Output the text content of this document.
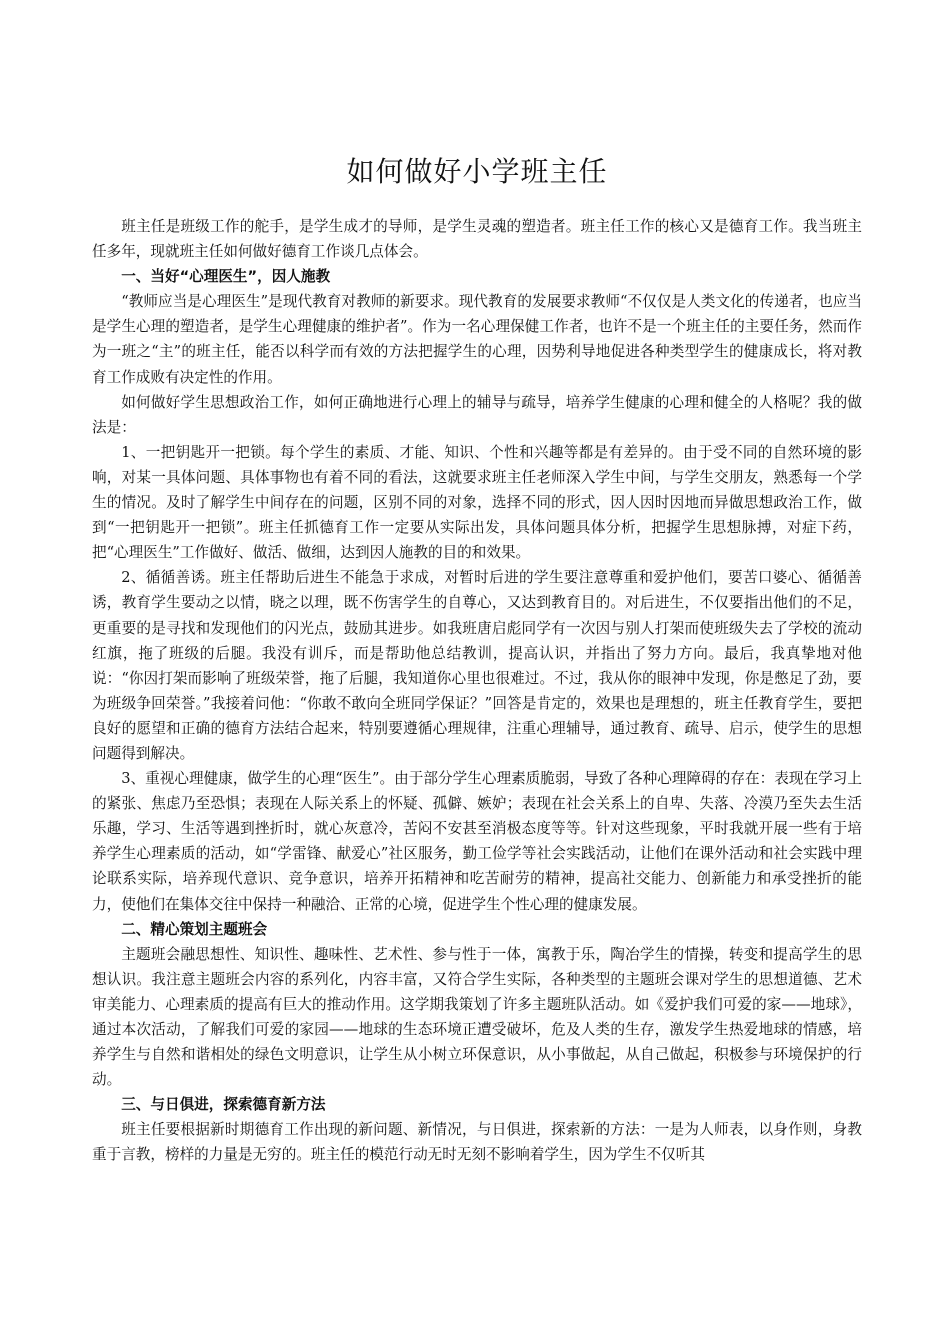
如何做好小学班主任

班主任是班级工作的舵手，是学生成才的导师，是学生灵魂的塑造者。班主任工作的核心又是德育工作。我当班主任多年，现就班主任如何做好德育工作谈几点体会。

一、当好“心理医生”，因人施教

“教师应当是心理医生”是现代教育对教师的新要求。现代教育的发展要求教师“不仅仅是人类文化的传递者，也应当是学生心理的塑造者，是学生心理健康的维护者”。作为一名心理保健工作者，也许不是一个班主任的主要任务，然而作为一班之“主”的班主任，能否以科学而有效的方法把握学生的心理，因势利导地促进各种类型学生的健康成长，将对教育工作成败有决定性的作用。

如何做好学生思想政治工作，如何正确地进行心理上的辅导与疏导，培养学生健康的心理和健全的人格呢？我的做法是：

1、一把钥匙开一把锁。每个学生的素质、才能、知识、个性和兴趣等都是有差异的。由于受不同的自然环境的影响，对某一具体问题、具体事物也有着不同的看法，这就要求班主任老师深入学生中间，与学生交朋友，熟悉每一个学生的情况。及时了解学生中间存在的问题，区别不同的对象，选择不同的形式，因人因时因地而异做思想政治工作，做到“一把钥匙开一把锁”。班主任抓德育工作一定要从实际出发，具体问题具体分析，把握学生思想脉搏，对症下药，把“心理医生”工作做好、做活、做细，达到因人施教的目的和效果。

2、循循善诱。班主任帮助后进生不能急于求成，对暂时后进的学生要注意尊重和爱护他们，要苦口婆心、循循善诱，教育学生要动之以情，晓之以理，既不伤害学生的自尊心，又达到教育目的。对后进生，不仅要指出他们的不足，更重要的是寻找和发现他们的闪光点，鼓励其进步。如我班唐启彪同学有一次因与别人打架而使班级失去了学校的流动红旗，拖了班级的后腿。我没有训斥，而是帮助他总结教训，提高认识，并指出了努力方向。最后，我真挚地对他说：“你因打架而影响了班级荣誉，拖了后腿，我知道你心里也很难过。不过，我从你的眼神中发现，你是憋足了劲，要为班级争回荣誉。”我接着问他：“你敢不敢向全班同学保证？”回答是肯定的，效果也是理想的，班主任教育学生，要把良好的愿望和正确的德育方法结合起来，特别要遵循心理规律，注重心理辅导，通过教育、疏导、启示，使学生的思想问题得到解决。

3、重视心理健康，做学生的心理“医生”。由于部分学生心理素质脆弱，导致了各种心理障碍的存在：表现在学习上的紧张、焦虑乃至恐惧；表现在人际关系上的怀疑、孤僻、嫉妒；表现在社会关系上的自卑、失落、冷漠乃至失去生活乐趣，学习、生活等遇到挫折时，就心灰意冷，苦闷不安甚至消极态度等等。针对这些现象，平时我就开展一些有于培养学生心理素质的活动，如“学雷锋、献爱心”社区服务，勤工俭学等社会实践活动，让他们在课外活动和社会实践中理论联系实际，培养现代意识、竞争意识，培养开拓精神和吃苦耐劳的精神，提高社交能力、创新能力和承受挫折的能力，使他们在集体交往中保持一种融洽、正常的心境，促进学生个性心理的健康发展。

二、精心策划主题班会

主题班会融思想性、知识性、趣味性、艺术性、参与性于一体，寓教于乐，陶冶学生的情操，转变和提高学生的思想认识。我注意主题班会内容的系列化，内容丰富，又符合学生实际，各种类型的主题班会课对学生的思想道德、艺术审美能力、心理素质的提高有巨大的推动作用。这学期我策划了许多主题班队活动。如《爱护我们可爱的家——地球》，通过本次活动，了解我们可爱的家园——地球的生态环境正遭受破坏，危及人类的生存，激发学生热爱地球的情感，培养学生与自然和谐相处的绿色文明意识，让学生从小树立环保意识，从小事做起，从自己做起，积极参与环境保护的行动。

三、与日俱进，探索德育新方法

班主任要根据新时期德育工作出现的新问题、新情况，与日俱进，探索新的方法：一是为人师表，以身作则，身教重于言教，榜样的力量是无穷的。班主任的模范行动无时无刻不影响着学生，因为学生不仅听其
